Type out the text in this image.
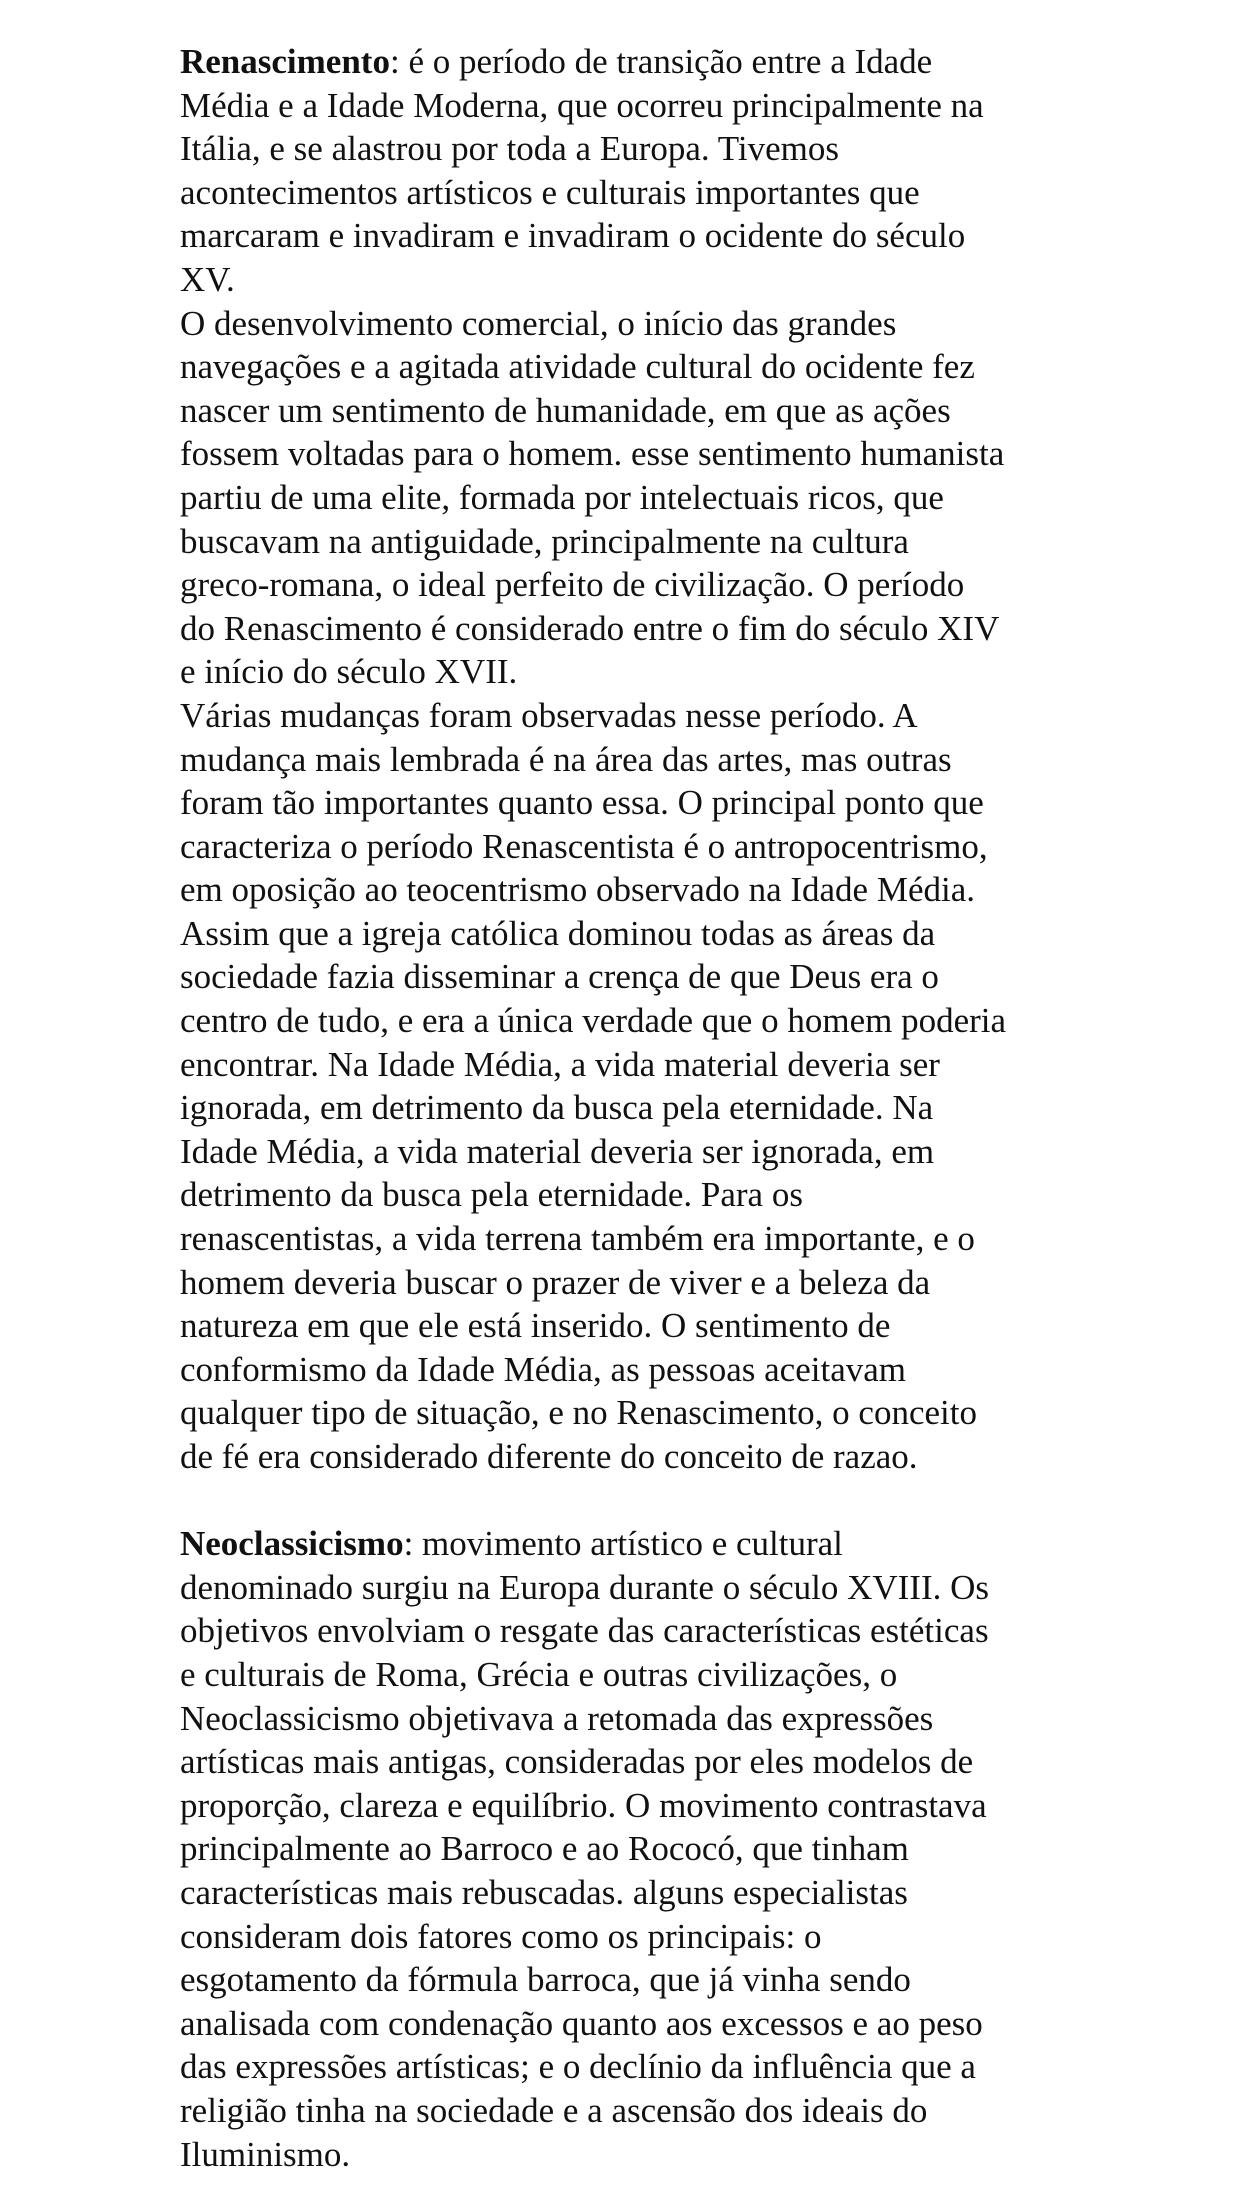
Renascimento: é o período de transição entre a Idade
Média e a Idade Moderna, que ocorreu principalmente na
Itália, e se alastrou por toda a Europa. Tivemos
acontecimentos artísticos e culturais importantes que
marcaram e invadiram e invadiram o ocidente do século
XV.
O desenvolvimento comercial, o início das grandes
navegações e a agitada atividade cultural do ocidente fez
nascer um sentimento de humanidade, em que as ações
fossem voltadas para o homem. esse sentimento humanista
partiu de uma elite, formada por intelectuais ricos, que
buscavam na antiguidade, principalmente na cultura
greco-romana, o ideal perfeito de civilização. O período
do Renascimento é considerado entre o fim do século XIV
e início do século XVII.
Várias mudanças foram observadas nesse período. A
mudança mais lembrada é na área das artes, mas outras
foram tão importantes quanto essa. O principal ponto que
caracteriza o período Renascentista é o antropocentrismo,
em oposição ao teocentrismo observado na Idade Média.
Assim que a igreja católica dominou todas as áreas da
sociedade fazia disseminar a crença de que Deus era o
centro de tudo, e era a única verdade que o homem poderia
encontrar. Na Idade Média, a vida material deveria ser
ignorada, em detrimento da busca pela eternidade. Na
Idade Média, a vida material deveria ser ignorada, em
detrimento da busca pela eternidade. Para os
renascentistas, a vida terrena também era importante, e o
homem deveria buscar o prazer de viver e a beleza da
natureza em que ele está inserido. O sentimento de
conformismo da Idade Média, as pessoas aceitavam
qualquer tipo de situação, e no Renascimento, o conceito
de fé era considerado diferente do conceito de razao.
Neoclassicismo: movimento artístico e cultural
denominado surgiu na Europa durante o século XVIII. Os
objetivos envolviam o resgate das características estéticas
e culturais de Roma, Grécia e outras civilizações, o
Neoclassicismo objetivava a retomada das expressões
artísticas mais antigas, consideradas por eles modelos de
proporção, clareza e equilíbrio. O movimento contrastava
principalmente ao Barroco e ao Rococó, que tinham
características mais rebuscadas. alguns especialistas
consideram dois fatores como os principais: o
esgotamento da fórmula barroca, que já vinha sendo
analisada com condenação quanto aos excessos e ao peso
das expressões artísticas; e o declínio da influência que a
religião tinha na sociedade e a ascensão dos ideais do
Iluminismo.
